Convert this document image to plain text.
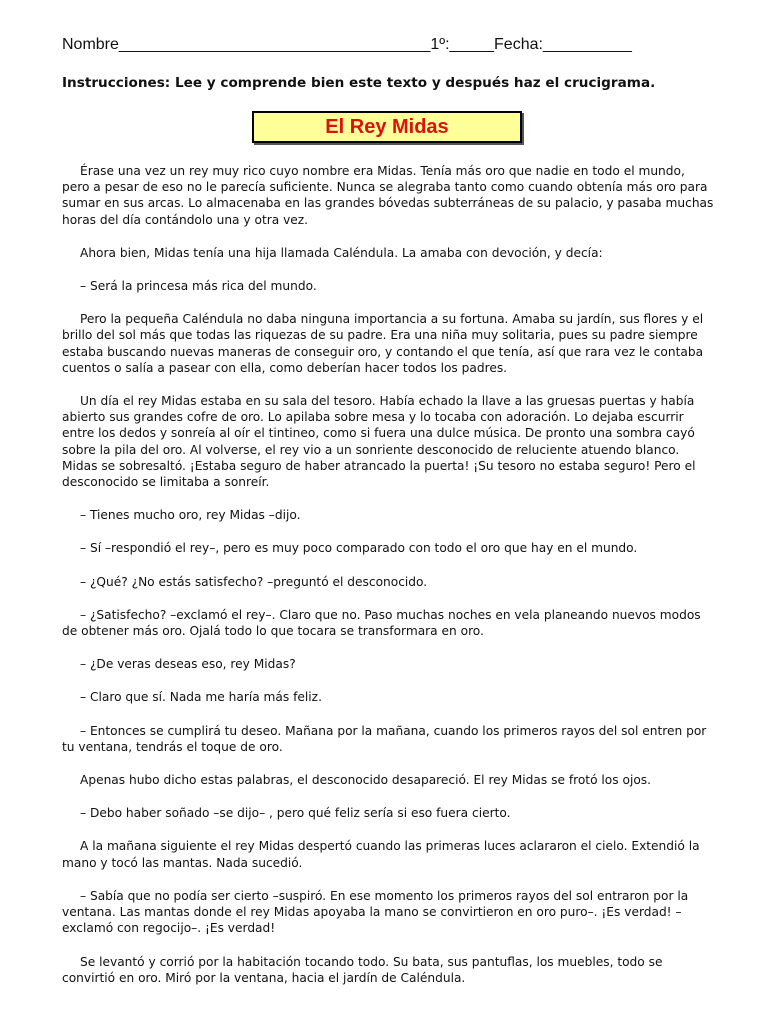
Nombre___________________________________1º:_____Fecha:__________
Instrucciones: Lee y comprende bien este texto y después haz el crucigrama.
El Rey Midas

Érase una vez un rey muy rico cuyo nombre era Midas. Tenía más oro que nadie en todo el mundo, pero a pesar de eso no le parecía suficiente. Nunca se alegraba tanto como cuando obtenía más oro para sumar en sus arcas. Lo almacenaba en las grandes bóvedas subterráneas de su palacio, y pasaba muchas horas del día contándolo una y otra vez.

Ahora bien, Midas tenía una hija llamada Caléndula. La amaba con devoción, y decía:

– Será la princesa más rica del mundo.

Pero la pequeña Caléndula no daba ninguna importancia a su fortuna. Amaba su jardín, sus flores y el brillo del sol más que todas las riquezas de su padre. Era una niña muy solitaria, pues su padre siempre estaba buscando nuevas maneras de conseguir oro, y contando el que tenía, así que rara vez le contaba cuentos o salía a pasear con ella, como deberían hacer todos los padres.

Un día el rey Midas estaba en su sala del tesoro. Había echado la llave a las gruesas puertas y había abierto sus grandes cofre de oro. Lo apilaba sobre mesa y lo tocaba con adoración. Lo dejaba escurrir entre los dedos y sonreía al oír el tintineo, como si fuera una dulce música. De pronto una sombra cayó sobre la pila del oro. Al volverse, el rey vio a un sonriente desconocido de reluciente atuendo blanco. Midas se sobresaltó. ¡Estaba seguro de haber atrancado la puerta! ¡Su tesoro no estaba seguro! Pero el desconocido se limitaba a sonreír.

– Tienes mucho oro, rey Midas –dijo.

– Sí –respondió el rey–, pero es muy poco comparado con todo el oro que hay en el mundo.

– ¿Qué? ¿No estás satisfecho? –preguntó el desconocido.

– ¿Satisfecho? –exclamó el rey–. Claro que no. Paso muchas noches en vela planeando nuevos modos de obtener más oro. Ojalá todo lo que tocara se transformara en oro.

– ¿De veras deseas eso, rey Midas?

– Claro que sí. Nada me haría más feliz.

– Entonces se cumplirá tu deseo. Mañana por la mañana, cuando los primeros rayos del sol entren por tu ventana, tendrás el toque de oro.

Apenas hubo dicho estas palabras, el desconocido desapareció. El rey Midas se frotó los ojos.

– Debo haber soñado –se dijo– , pero qué feliz sería si eso fuera cierto.

A la mañana siguiente el rey Midas despertó cuando las primeras luces aclararon el cielo. Extendió la mano y tocó las mantas. Nada sucedió.

– Sabía que no podía ser cierto –suspiró. En ese momento los primeros rayos del sol entraron por la ventana. Las mantas donde el rey Midas apoyaba la mano se convirtieron en oro puro–. ¡Es verdad! –exclamó con regocijo–. ¡Es verdad!

Se levantó y corrió por la habitación tocando todo. Su bata, sus pantuflas, los muebles, todo se convirtió en oro. Miró por la ventana, hacia el jardín de Caléndula.
